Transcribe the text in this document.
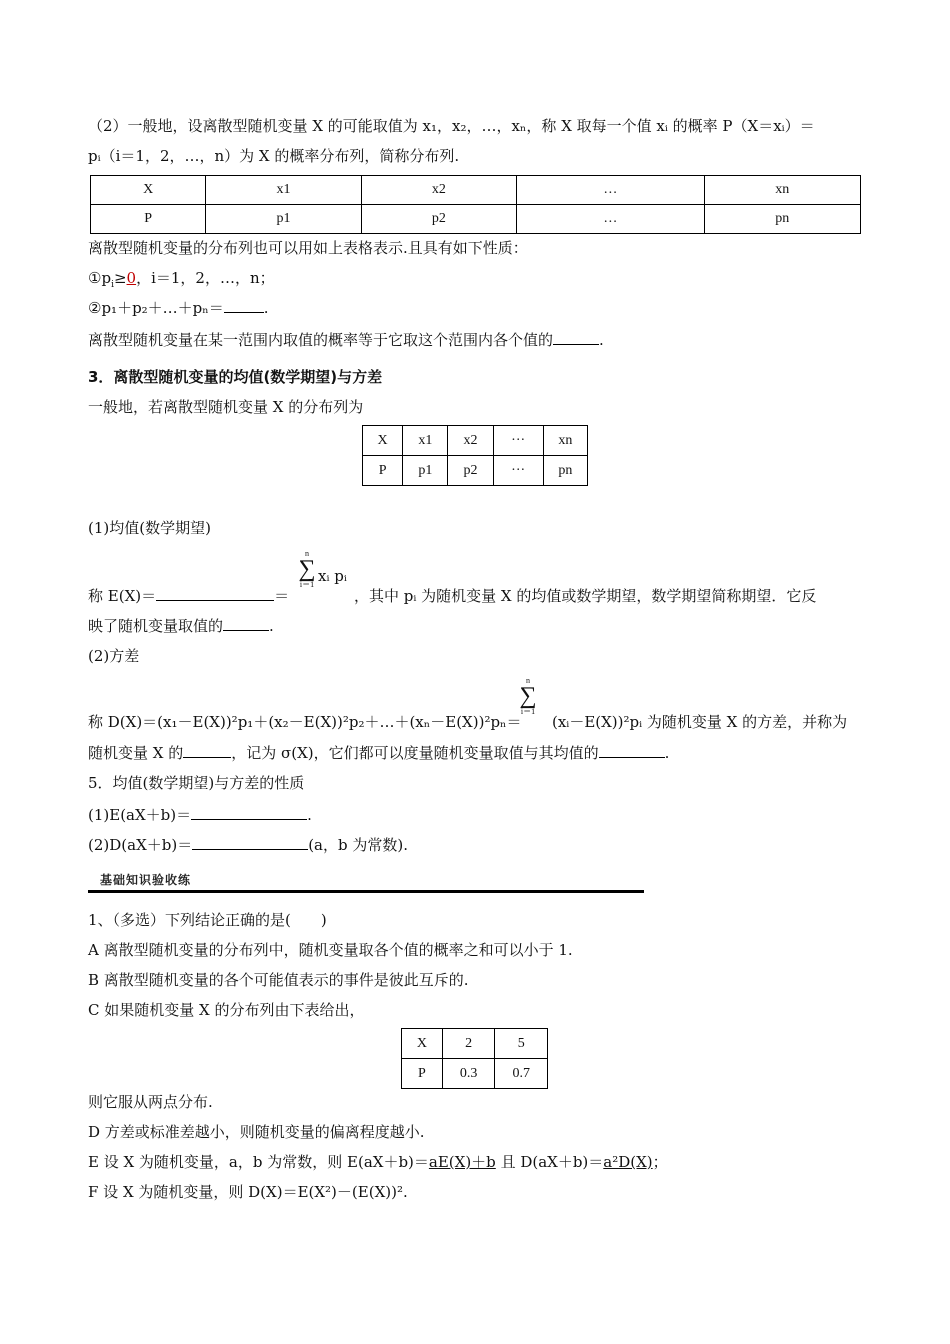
（2）一般地，设离散型随机变量 X 的可能取值为 x₁，x₂，…，xₙ，称 X 取每一个值 xᵢ 的概率 P（X＝xᵢ）＝
pᵢ（i＝1，2，…，n）为 X 的概率分布列，简称分布列.
X	x1	x2	…	xn
P	p1	p2	…	pn
离散型随机变量的分布列也可以用如上表格表示.且具有如下性质：
$①p_i\ge 0$，i＝1，2，…，n；
②p₁＋p₂＋…＋pₙ＝	.
离散型随机变量在某一范围内取值的概率等于它取这个范围内各个值的	.
3．离散型随机变量的均值(数学期望)与方差
一般地，若离散型随机变量 X 的分布列为
X	x1	x2	···	xn
P	p1	p2	···	pn
(1)均值(数学期望)
n
∑
i＝1 xᵢ pᵢ
称 E(X)＝	＝	，其中 pᵢ 为随机变量 X 的均值或数学期望，数学期望简称期望．它反
映了随机变量取值的	.
(2)方差
n
∑
i＝1
称 D(X)＝(x₁－E(X))²p₁＋(x₂－E(X))²p₂＋…＋(xₙ－E(X))²pₙ＝ (xᵢ－E(X))²pᵢ 为随机变量 X 的方差，并称为
随机变量 X 的	，记为 σ(X)，它们都可以度量随机变量取值与其均值的	.
5．均值(数学期望)与方差的性质
(1)E(aX＋b)＝	.
(2)D(aX＋b)＝	(a，b 为常数).
基础知识验收练
1、（多选）下列结论正确的是(　　)
A 离散型随机变量的分布列中，随机变量取各个值的概率之和可以小于 1.
B 离散型随机变量的各个可能值表示的事件是彼此互斥的.
C 如果随机变量 X 的分布列由下表给出，
X	2	5
P	0.3	0.7
则它服从两点分布.
D 方差或标准差越小，则随机变量的偏离程度越小.
E 设 X 为随机变量，a，b 为常数，则 E(aX＋b)＝aE(X)＋b 且 D(aX＋b)＝a²D(X)；
F 设 X 为随机变量，则 D(X)＝E(X²)－(E(X))².
